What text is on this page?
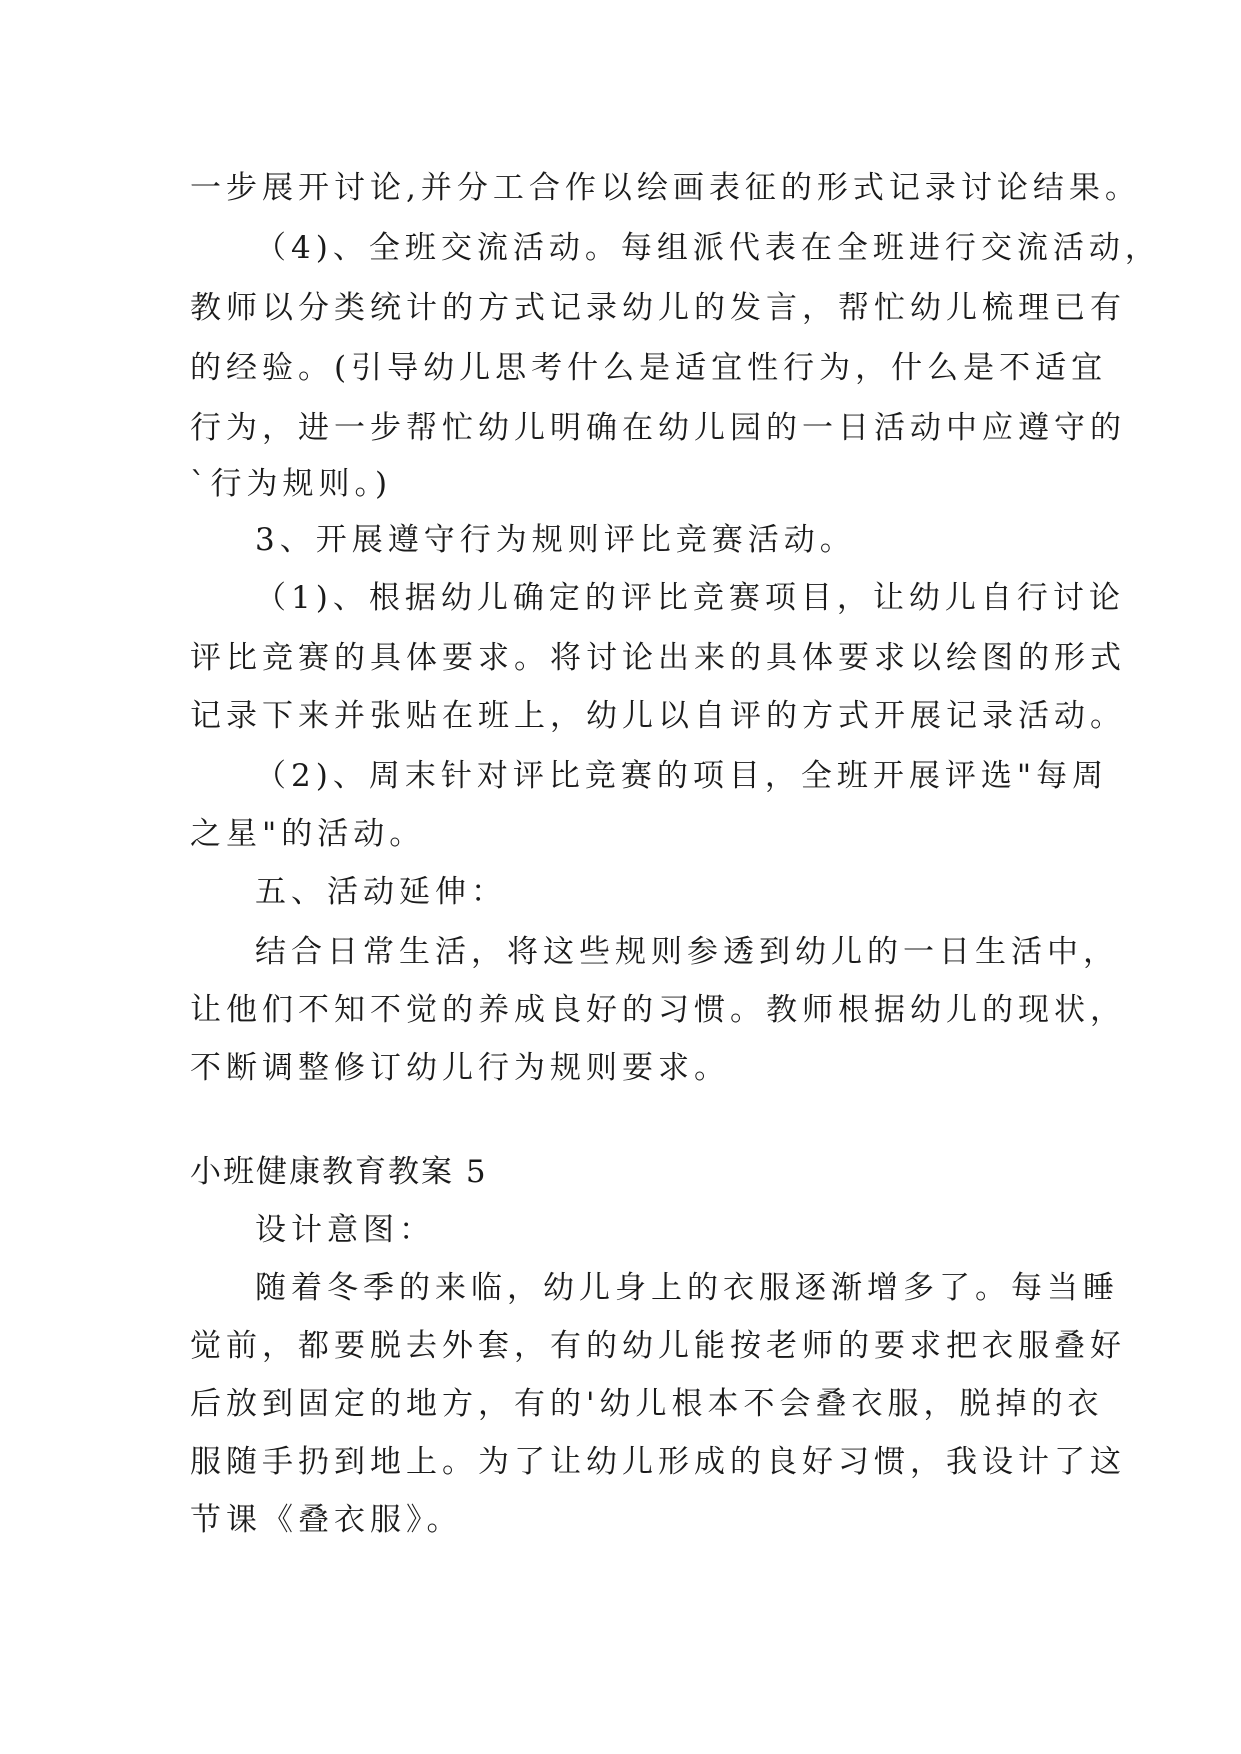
一步展开讨论,并分工合作以绘画表征的形式记录讨论结果。
（4)、全班交流活动。每组派代表在全班进行交流活动，
教师以分类统计的方式记录幼儿的发言，帮忙幼儿梳理已有
的经验。(引导幼儿思考什么是适宜性行为，什么是不适宜
行为，进一步帮忙幼儿明确在幼儿园的一日活动中应遵守的
`行为规则。)
3、开展遵守行为规则评比竞赛活动。
（1)、根据幼儿确定的评比竞赛项目，让幼儿自行讨论
评比竞赛的具体要求。将讨论出来的具体要求以绘图的形式
记录下来并张贴在班上，幼儿以自评的方式开展记录活动。
（2)、周末针对评比竞赛的项目，全班开展评选"每周
之星"的活动。
五、活动延伸：
结合日常生活，将这些规则参透到幼儿的一日生活中，
让他们不知不觉的养成良好的习惯。教师根据幼儿的现状，
不断调整修订幼儿行为规则要求。
小班健康教育教案 5
设计意图：
随着冬季的来临，幼儿身上的衣服逐渐增多了。每当睡
觉前，都要脱去外套，有的幼儿能按老师的要求把衣服叠好
后放到固定的地方，有的'幼儿根本不会叠衣服，脱掉的衣
服随手扔到地上。为了让幼儿形成的良好习惯，我设计了这
节课《叠衣服》。
